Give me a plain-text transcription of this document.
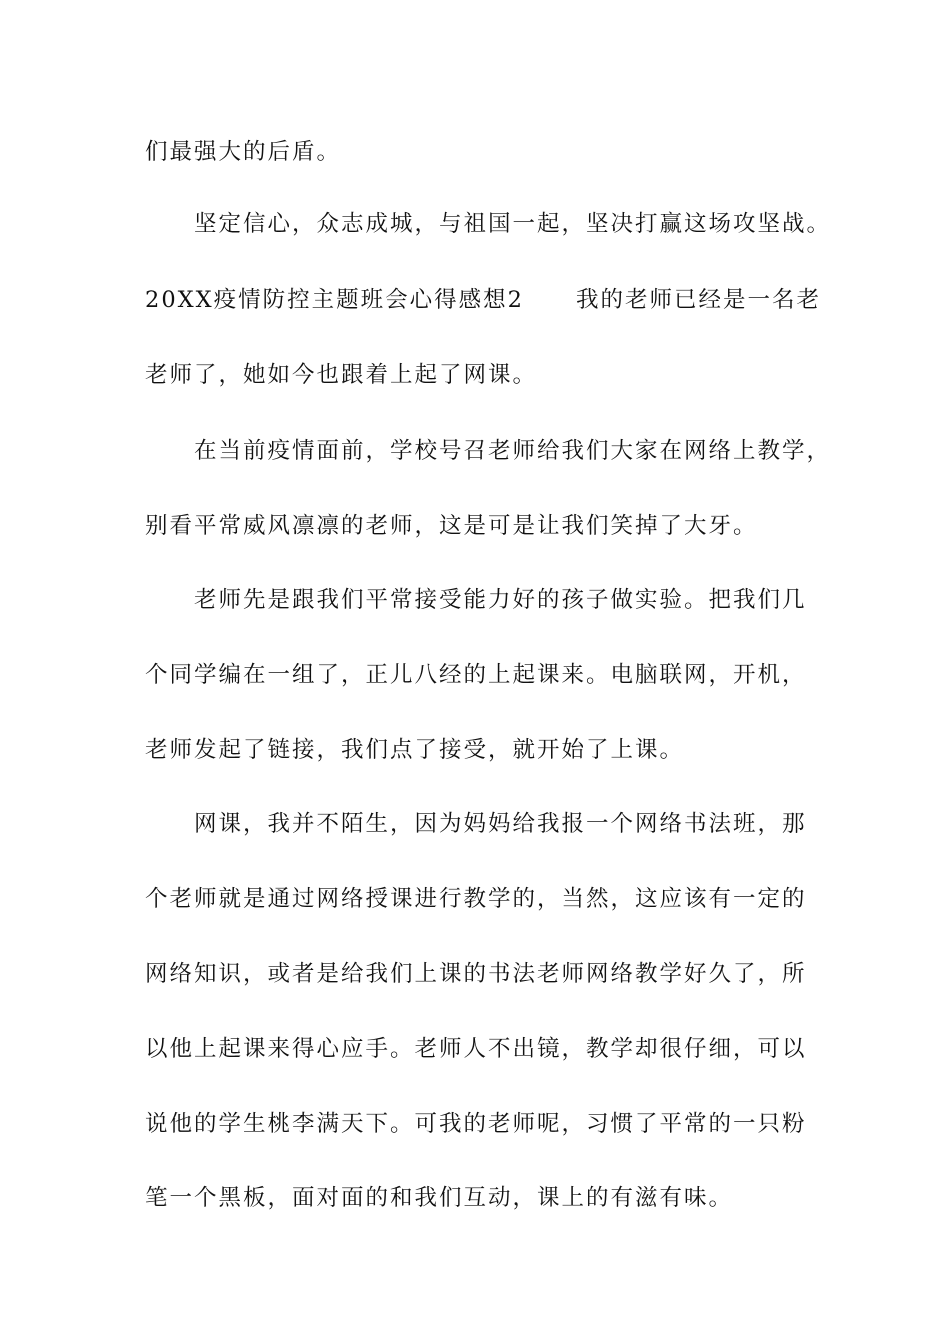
们最强大的后盾。

坚定信心，众志成城，与祖国一起，坚决打赢这场攻坚战。

20XX疫情防控主题班会心得感想2 我的老师已经是一名老

老师了，她如今也跟着上起了网课。

在当前疫情面前，学校号召老师给我们大家在网络上教学，

别看平常威风凛凛的老师，这是可是让我们笑掉了大牙。

老师先是跟我们平常接受能力好的孩子做实验。把我们几

个同学编在一组了，正儿八经的上起课来。电脑联网，开机，

老师发起了链接，我们点了接受，就开始了上课。

网课，我并不陌生，因为妈妈给我报一个网络书法班，那

个老师就是通过网络授课进行教学的，当然，这应该有一定的

网络知识，或者是给我们上课的书法老师网络教学好久了，所

以他上起课来得心应手。老师人不出镜，教学却很仔细，可以

说他的学生桃李满天下。可我的老师呢，习惯了平常的一只粉

笔一个黑板，面对面的和我们互动，课上的有滋有味。
